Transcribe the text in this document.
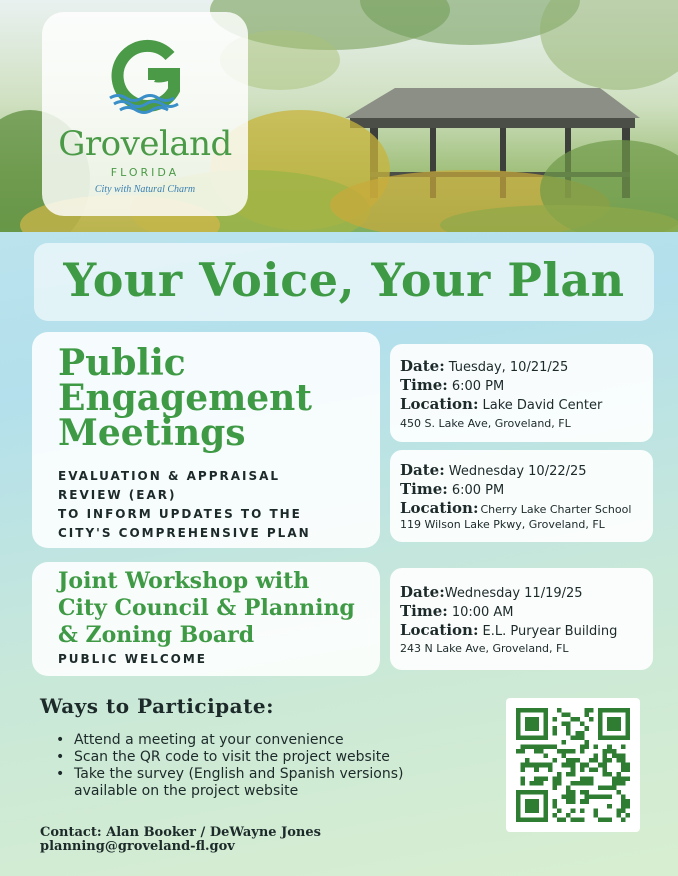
Groveland
FLORIDA
City with Natural Charm
Your Voice, Your Plan
Public
Engagement
Meetings
EVALUATION & APPRAISAL
REVIEW (EAR)
TO INFORM UPDATES TO THE
CITY'S COMPREHENSIVE PLAN
Joint Workshop with
City Council & Planning
& Zoning Board
PUBLIC WELCOME
Date: Tuesday, 10/21/25
Time: 6:00 PM
Location: Lake David Center
450 S. Lake Ave, Groveland, FL
Date: Wednesday 10/22/25
Time: 6:00 PM
Location: Cherry Lake Charter School
119 Wilson Lake Pkwy, Groveland, FL
Date:Wednesday 11/19/25
Time: 10:00 AM
Location: E.L. Puryear Building
243 N Lake Ave, Groveland, FL
Ways to Participate:
• Attend a meeting at your convenience
• Scan the QR code to visit the project website
• Take the survey (English and Spanish versions) available on the project website
Contact: Alan Booker / DeWayne Jones
planning@groveland-fl.gov
